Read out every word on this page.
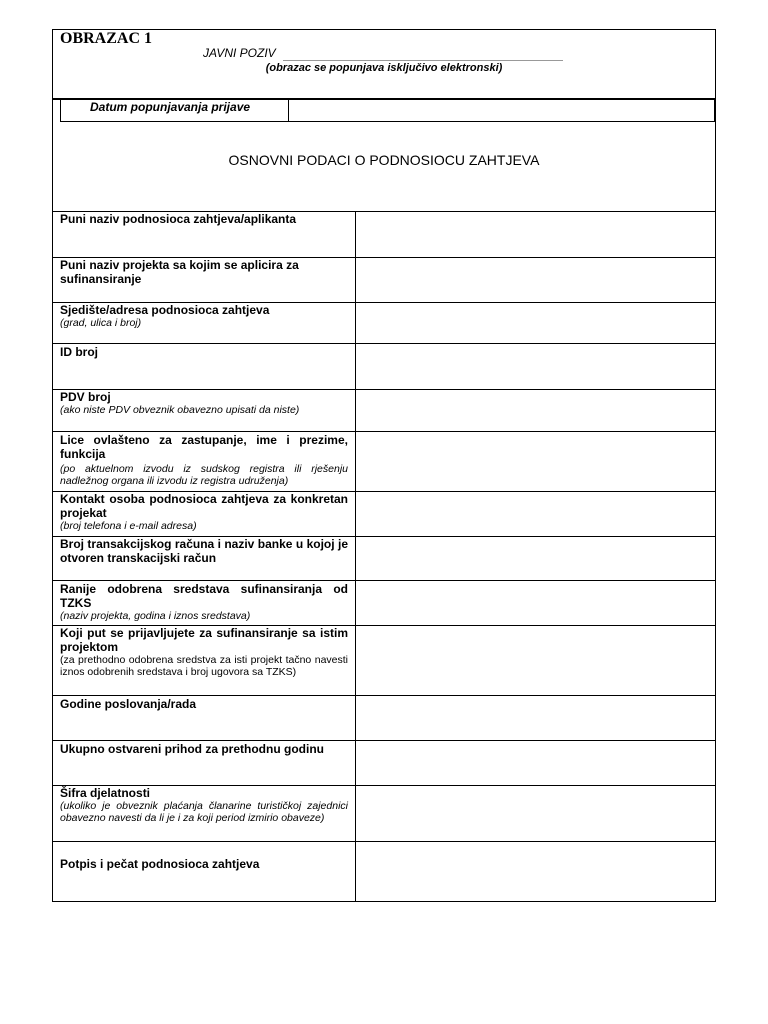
OBRAZAC 1
JAVNI POZIV
(obrazac se popunjava isključivo elektronski)
Datum popunjavanja prijave
OSNOVNI PODACI O PODNOSIOCU ZAHTJEVA
Puni naziv podnosioca zahtjeva/aplikanta
Puni naziv projekta sa kojim se aplicira za sufinansiranje
Sjedište/adresa podnosioca zahtjeva
(grad, ulica i broj)
ID broj
PDV broj
(ako niste PDV obveznik obavezno upisati da niste)
Lice ovlašteno za zastupanje, ime i prezime, funkcija
(po aktuelnom izvodu iz sudskog registra ili rješenju nadležnog organa ili izvodu iz registra udruženja)
Kontakt osoba podnosioca zahtjeva za konkretan projekat
(broj telefona i e-mail adresa)
Broj transakcijskog računa i naziv banke u kojoj je otvoren transkacijski račun
Ranije odobrena sredstava sufinansiranja od TZKS
(naziv projekta, godina i iznos sredstava)
Koji put se prijavljujete za sufinansiranje sa istim projektom
(za prethodno odobrena sredstva za isti projekt tačno navesti iznos odobrenih sredstava i broj ugovora sa TZKS)
Godine poslovanja/rada
Ukupno ostvareni prihod za prethodnu godinu
Šifra djelatnosti
(ukoliko je obveznik plaćanja članarine turističkoj zajednici obavezno navesti da li je i za koji period izmirio obaveze)
Potpis i pečat podnosioca zahtjeva
